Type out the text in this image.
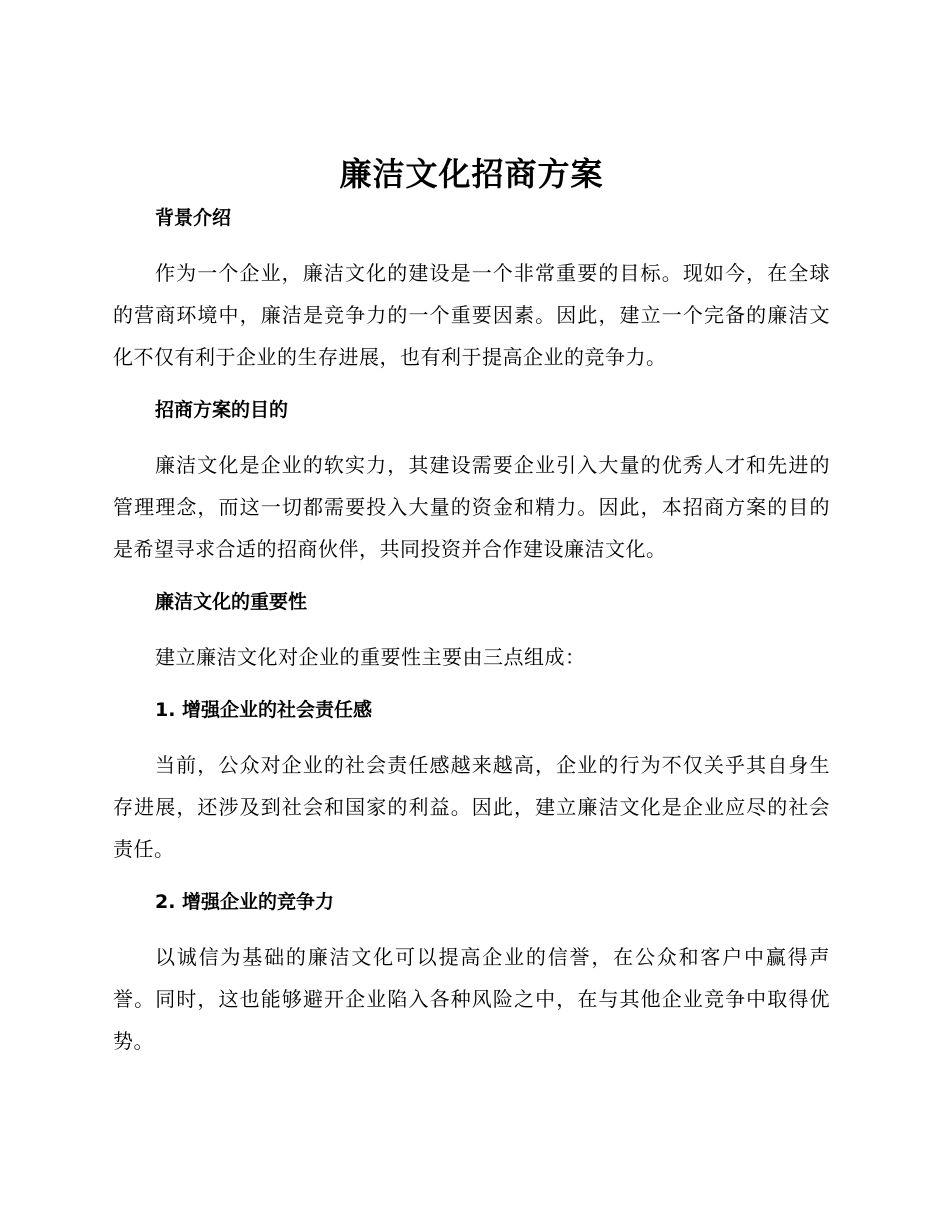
廉洁文化招商方案
背景介绍
作为一个企业，廉洁文化的建设是一个非常重要的目标。现如今，在全球的营商环境中，廉洁是竞争力的一个重要因素。因此，建立一个完备的廉洁文化不仅有利于企业的生存进展，也有利于提高企业的竞争力。
招商方案的目的
廉洁文化是企业的软实力，其建设需要企业引入大量的优秀人才和先进的管理理念，而这一切都需要投入大量的资金和精力。因此，本招商方案的目的是希望寻求合适的招商伙伴，共同投资并合作建设廉洁文化。
廉洁文化的重要性
建立廉洁文化对企业的重要性主要由三点组成：
1. 增强企业的社会责任感
当前，公众对企业的社会责任感越来越高，企业的行为不仅关乎其自身生存进展，还涉及到社会和国家的利益。因此，建立廉洁文化是企业应尽的社会责任。
2. 增强企业的竞争力
以诚信为基础的廉洁文化可以提高企业的信誉，在公众和客户中赢得声誉。同时，这也能够避开企业陷入各种风险之中，在与其他企业竞争中取得优势。
